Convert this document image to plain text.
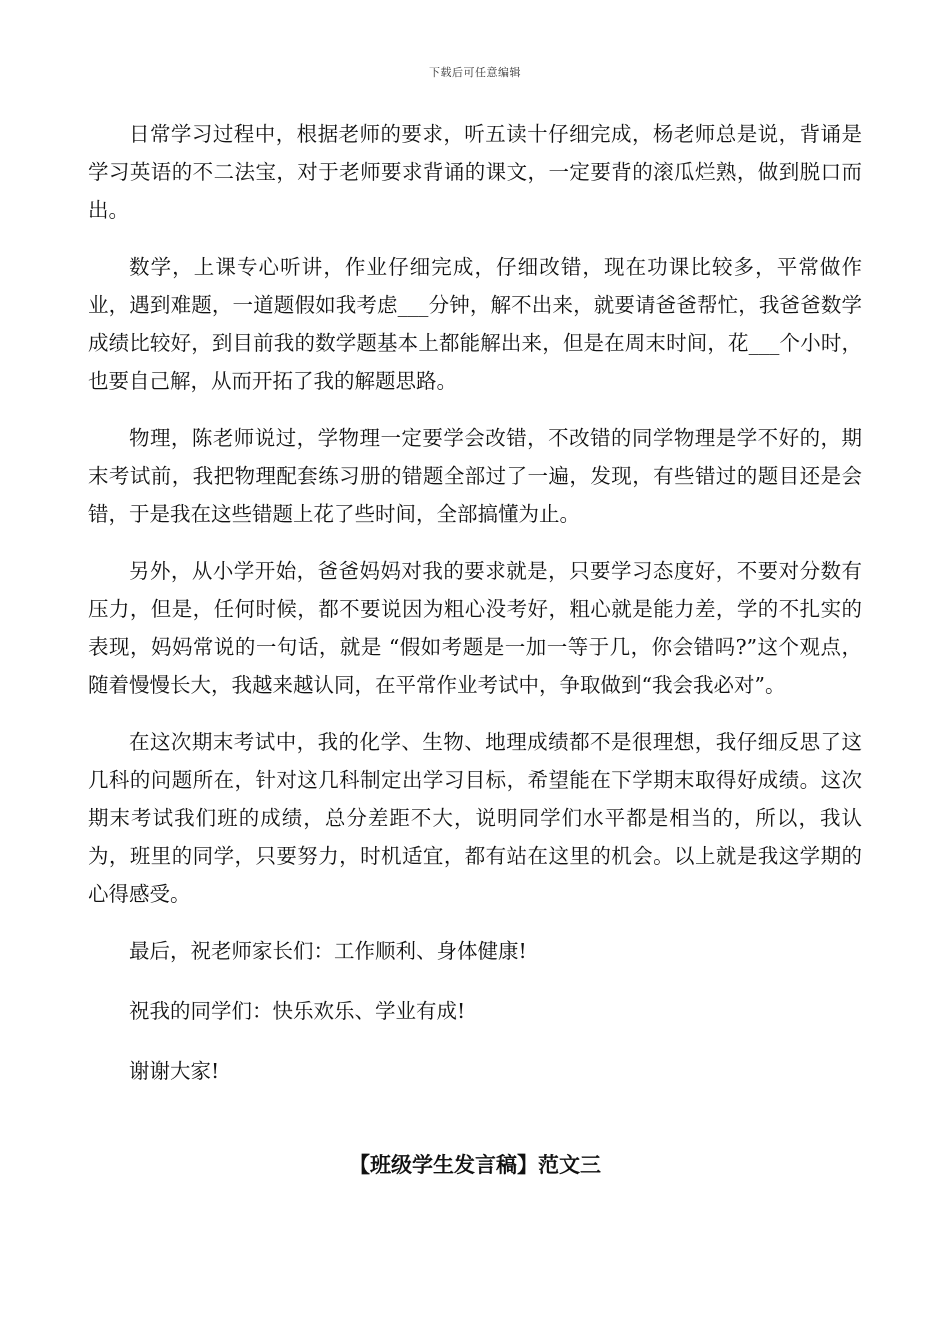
下载后可任意编辑

日常学习过程中，根据老师的要求，听五读十仔细完成，杨老师总是说，背诵是学习英语的不二法宝，对于老师要求背诵的课文，一定要背的滚瓜烂熟，做到脱口而出。

数学，上课专心听讲，作业仔细完成，仔细改错，现在功课比较多，平常做作业，遇到难题，一道题假如我考虑___分钟，解不出来，就要请爸爸帮忙，我爸爸数学成绩比较好，到目前我的数学题基本上都能解出来，但是在周末时间，花___个小时，也要自己解，从而开拓了我的解题思路。

物理，陈老师说过，学物理一定要学会改错，不改错的同学物理是学不好的，期末考试前，我把物理配套练习册的错题全部过了一遍，发现，有些错过的题目还是会错，于是我在这些错题上花了些时间，全部搞懂为止。

另外，从小学开始，爸爸妈妈对我的要求就是，只要学习态度好，不要对分数有压力，但是，任何时候，都不要说因为粗心没考好，粗心就是能力差，学的不扎实的表现，妈妈常说的一句话，就是 “假如考题是一加一等于几，你会错吗?”这个观点，随着慢慢长大，我越来越认同，在平常作业考试中，争取做到“我会我必对”。

在这次期末考试中，我的化学、生物、地理成绩都不是很理想，我仔细反思了这几科的问题所在，针对这几科制定出学习目标，希望能在下学期末取得好成绩。这次期末考试我们班的成绩，总分差距不大，说明同学们水平都是相当的，所以，我认为，班里的同学，只要努力，时机适宜，都有站在这里的机会。以上就是我这学期的心得感受。

最后，祝老师家长们：工作顺利、身体健康!

祝我的同学们：快乐欢乐、学业有成!

谢谢大家!

【班级学生发言稿】范文三
